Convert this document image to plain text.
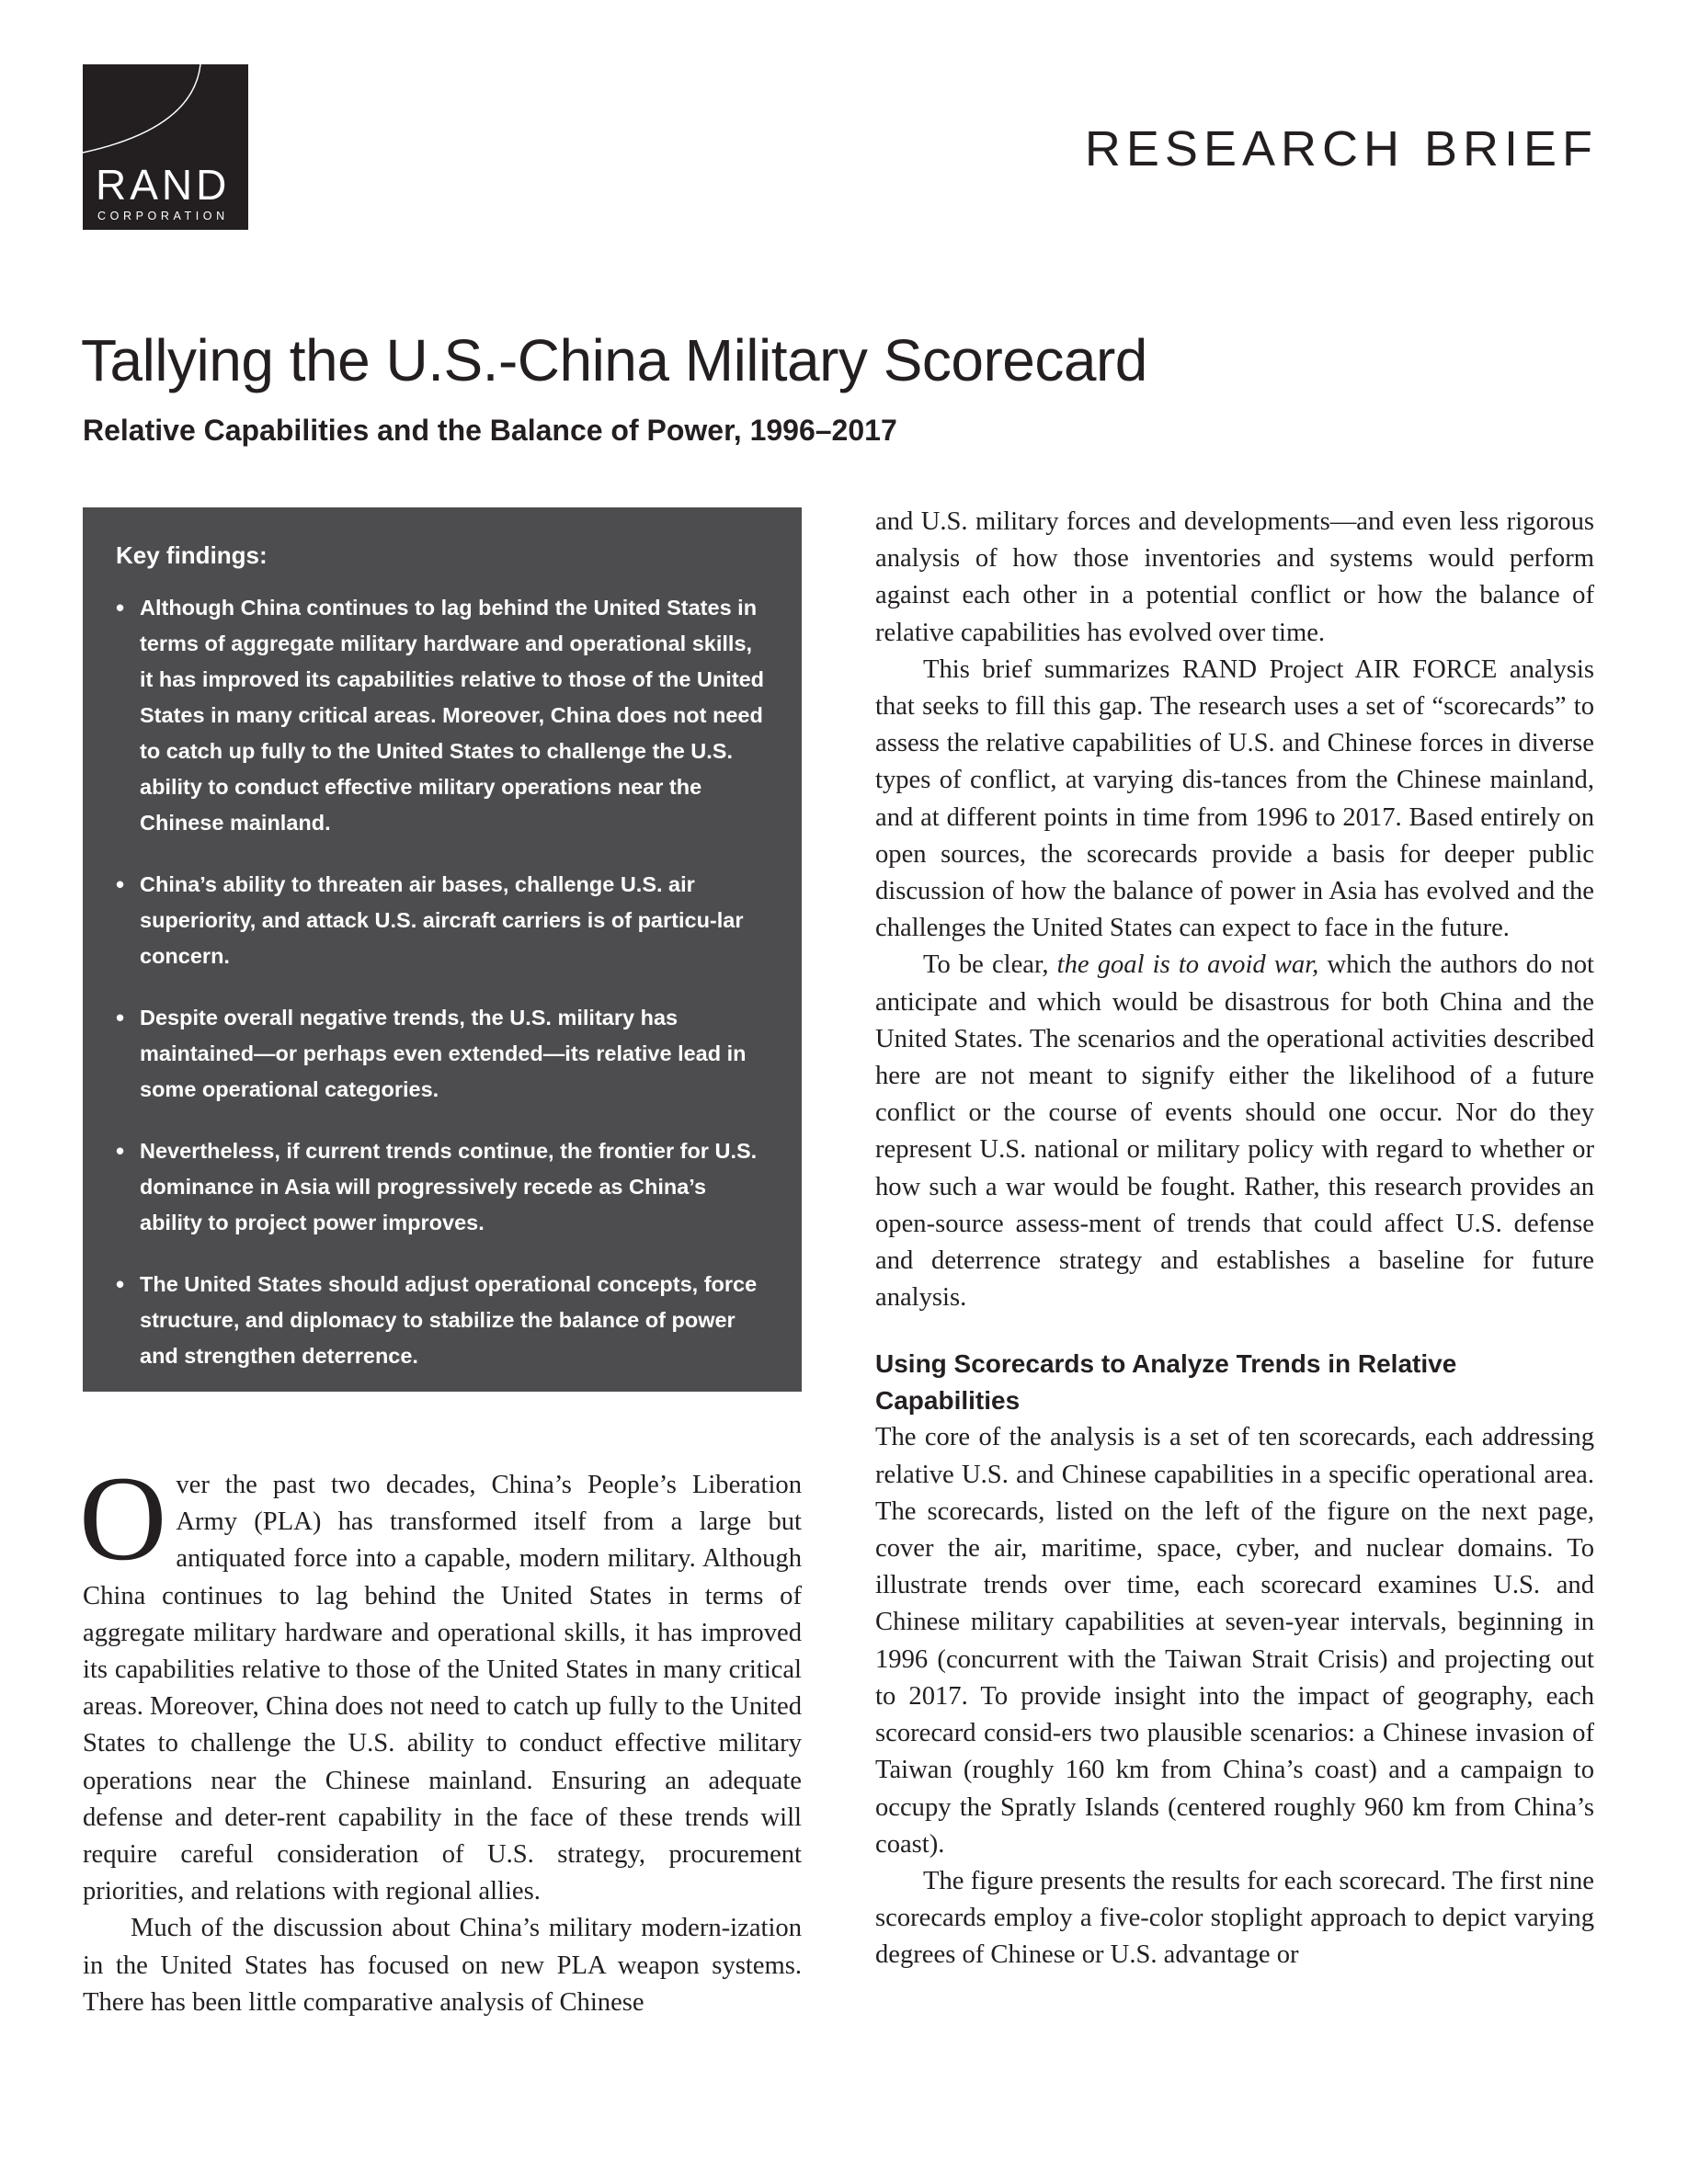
RAND
CORPORATION
RESEARCH BRIEF
Tallying the U.S.-China Military Scorecard
Relative Capabilities and the Balance of Power, 1996–2017
Key findings:
• Although China continues to lag behind the United States in terms of aggregate military hardware and operational skills, it has improved its capabilities relative to those of the United States in many critical areas. Moreover, China does not need to catch up fully to the United States to challenge the U.S. ability to conduct effective military operations near the Chinese mainland.
• China’s ability to threaten air bases, challenge U.S. air superiority, and attack U.S. aircraft carriers is of particu-lar concern.
• Despite overall negative trends, the U.S. military has maintained—or perhaps even extended—its relative lead in some operational categories.
• Nevertheless, if current trends continue, the frontier for U.S. dominance in Asia will progressively recede as China’s ability to project power improves.
• The United States should adjust operational concepts, force structure, and diplomacy to stabilize the balance of power and strengthen deterrence.

Over the past two decades, China’s People’s Liberation Army (PLA) has transformed itself from a large but antiquated force into a capable, modern military. Although China continues to lag behind the United States in terms of aggregate military hardware and operational skills, it has improved its capabilities relative to those of the United States in many critical areas. Moreover, China does not need to catch up fully to the United States to challenge the U.S. ability to conduct effective military operations near the Chinese mainland. Ensuring an adequate defense and deter-rent capability in the face of these trends will require careful consideration of U.S. strategy, procurement priorities, and relations with regional allies.

Much of the discussion about China’s military modern-ization in the United States has focused on new PLA weapon systems. There has been little comparative analysis of Chinese

and U.S. military forces and developments—and even less rigorous analysis of how those inventories and systems would perform against each other in a potential conflict or how the balance of relative capabilities has evolved over time.

This brief summarizes RAND Project AIR FORCE analysis that seeks to fill this gap. The research uses a set of “scorecards” to assess the relative capabilities of U.S. and Chinese forces in diverse types of conflict, at varying dis-tances from the Chinese mainland, and at different points in time from 1996 to 2017. Based entirely on open sources, the scorecards provide a basis for deeper public discussion of how the balance of power in Asia has evolved and the challenges the United States can expect to face in the future.

To be clear, the goal is to avoid war, which the authors do not anticipate and which would be disastrous for both China and the United States. The scenarios and the operational activities described here are not meant to signify either the likelihood of a future conflict or the course of events should one occur. Nor do they represent U.S. national or military policy with regard to whether or how such a war would be fought. Rather, this research provides an open-source assess-ment of trends that could affect U.S. defense and deterrence strategy and establishes a baseline for future analysis.

Using Scorecards to Analyze Trends in Relative Capabilities

The core of the analysis is a set of ten scorecards, each addressing relative U.S. and Chinese capabilities in a specific operational area. The scorecards, listed on the left of the figure on the next page, cover the air, maritime, space, cyber, and nuclear domains. To illustrate trends over time, each scorecard examines U.S. and Chinese military capabilities at seven-year intervals, beginning in 1996 (concurrent with the Taiwan Strait Crisis) and projecting out to 2017. To provide insight into the impact of geography, each scorecard consid-ers two plausible scenarios: a Chinese invasion of Taiwan (roughly 160 km from China’s coast) and a campaign to occupy the Spratly Islands (centered roughly 960 km from China’s coast).

The figure presents the results for each scorecard. The first nine scorecards employ a five-color stoplight approach to depict varying degrees of Chinese or U.S. advantage or
